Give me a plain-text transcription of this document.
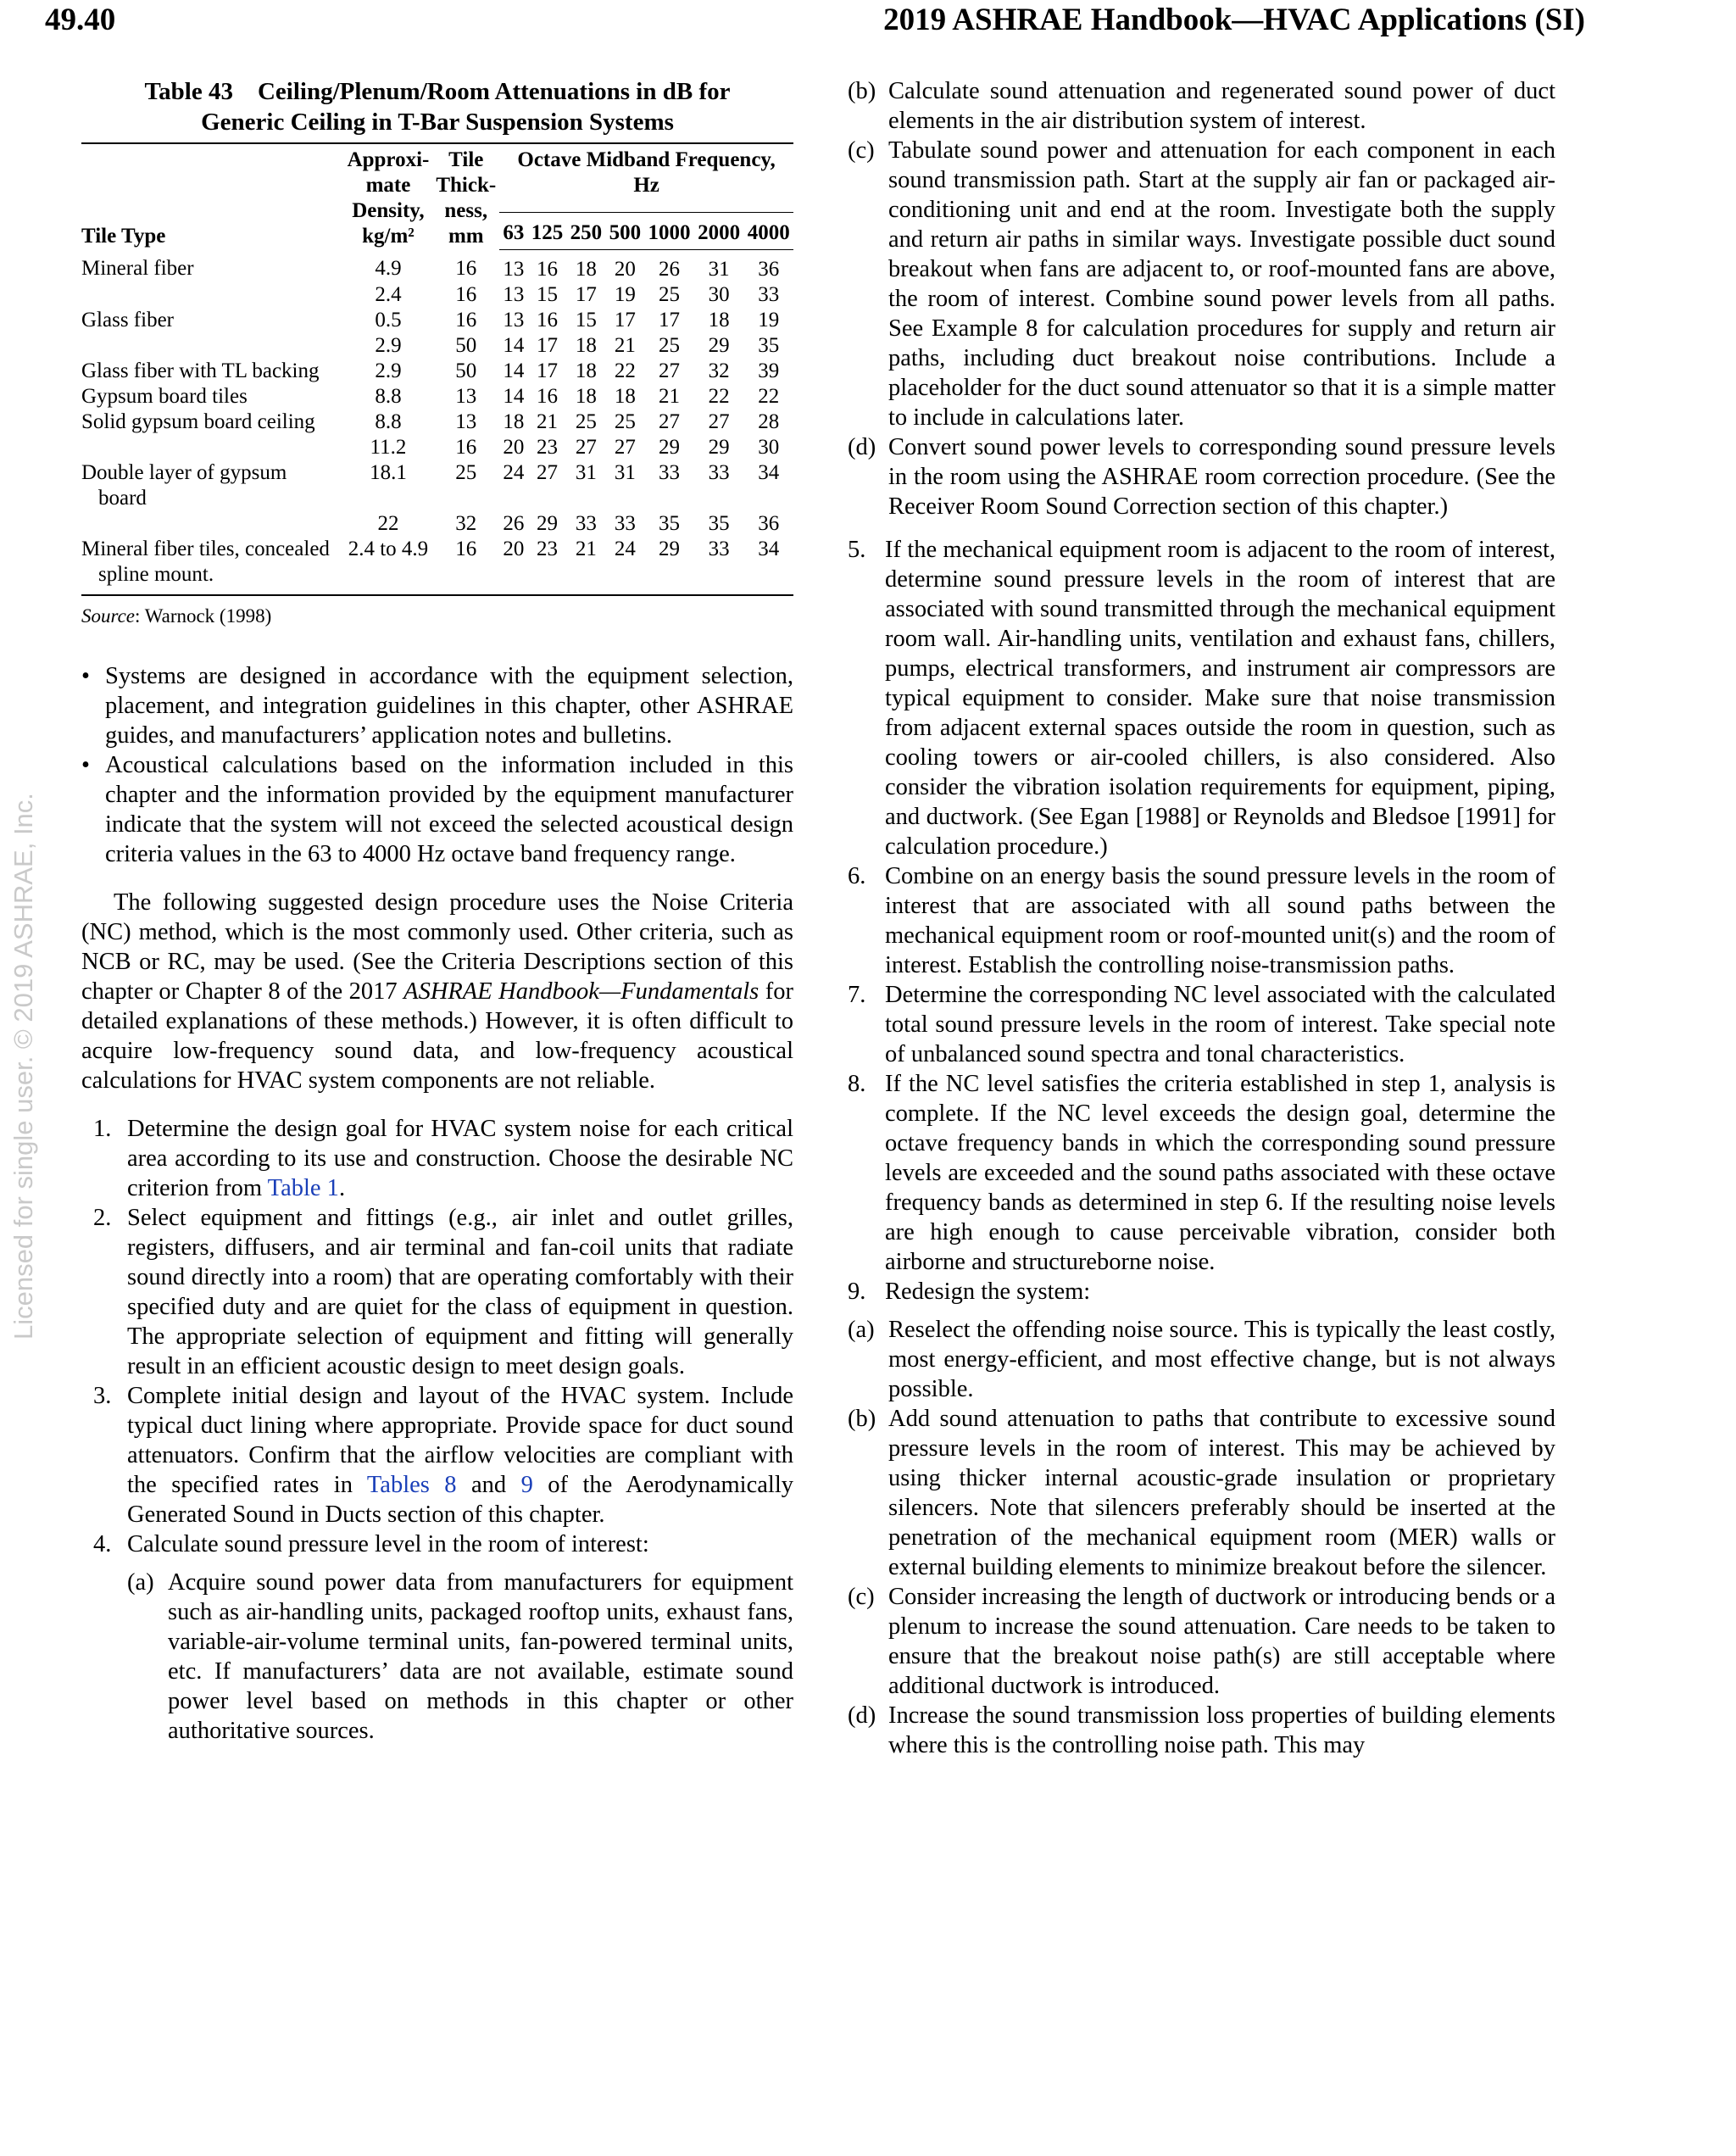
49.40	2019 ASHRAE Handbook—HVAC Applications (SI)
Licensed for single user. © 2019 ASHRAE, Inc.
Table 43    Ceiling/Plenum/Room Attenuations in dB for
Generic Ceiling in T-Bar Suspension Systems
Tile Type	Approxi-
mate
Density,
kg/m²	Tile
Thick-
ness,
mm	Octave Midband Frequency, Hz						
			63	125	250	500	1000	2000	4000

Mineral fiber	4.9	16	13	16	18	20	26	31	36

	2.4	16	13	15	17	19	25	30	33

Glass fiber	0.5	16	13	16	15	17	17	18	19

	2.9	50	14	17	18	21	25	29	35

Glass fiber with TL backing	2.9	50	14	17	18	22	27	32	39

Gypsum board tiles	8.8	13	14	16	18	18	21	22	22

Solid gypsum board ceiling	8.8	13	18	21	25	25	27	27	28

	11.2	16	20	23	27	27	29	29	30

Double layer of gypsum board	18.1	25	24	27	31	31	33	33	34

	22	32	26	29	33	33	35	35	36

Mineral fiber tiles, concealed spline mount.	2.4 to 4.9	16	20	23	21	24	29	33	34
Source: Warnock (1998)
• Systems are designed in accordance with the equipment selection, placement, and integration guidelines in this chapter, other ASHRAE guides, and manufacturers’ application notes and bulletins.
• Acoustical calculations based on the information included in this chapter and the information provided by the equipment manufacturer indicate that the system will not exceed the selected acoustical design criteria values in the 63 to 4000 Hz octave band frequency range.

The following suggested design procedure uses the Noise Criteria (NC) method, which is the most commonly used. Other criteria, such as NCB or RC, may be used. (See the Criteria Descriptions section of this chapter or Chapter 8 of the 2017 ASHRAE Handbook—Fundamentals for detailed explanations of these methods.) However, it is often difficult to acquire low-frequency sound data, and low-frequency acoustical calculations for HVAC system components are not reliable.

1. Determine the design goal for HVAC system noise for each critical area according to its use and construction. Choose the desirable NC criterion from Table 1.
2. Select equipment and fittings (e.g., air inlet and outlet grilles, registers, diffusers, and air terminal and fan-coil units that radiate sound directly into a room) that are operating comfortably with their specified duty and are quiet for the class of equipment in question. The appropriate selection of equipment and fitting will generally result in an efficient acoustic design to meet design goals.
3. Complete initial design and layout of the HVAC system. Include typical duct lining where appropriate. Provide space for duct sound attenuators. Confirm that the airflow velocities are compliant with the specified rates in Tables 8 and 9 of the Aerodynamically Generated Sound in Ducts section of this chapter.
4. Calculate sound pressure level in the room of interest:
(a) Acquire sound power data from manufacturers for equipment such as air-handling units, packaged rooftop units, exhaust fans, variable-air-volume terminal units, fan-powered terminal units, etc. If manufacturers’ data are not available, estimate sound power level based on methods in this chapter or other authoritative sources.
(b) Calculate sound attenuation and regenerated sound power of duct elements in the air distribution system of interest.
(c) Tabulate sound power and attenuation for each component in each sound transmission path. Start at the supply air fan or packaged air-conditioning unit and end at the room. Investigate both the supply and return air paths in similar ways. Investigate possible duct sound breakout when fans are adjacent to, or roof-mounted fans are above, the room of interest. Combine sound power levels from all paths. See Example 8 for calculation procedures for supply and return air paths, including duct breakout noise contributions. Include a placeholder for the duct sound attenuator so that it is a simple matter to include in calculations later.
(d) Convert sound power levels to corresponding sound pressure levels in the room using the ASHRAE room correction procedure. (See the Receiver Room Sound Correction section of this chapter.)
5. If the mechanical equipment room is adjacent to the room of interest, determine sound pressure levels in the room of interest that are associated with sound transmitted through the mechanical equipment room wall. Air-handling units, ventilation and exhaust fans, chillers, pumps, electrical transformers, and instrument air compressors are typical equipment to consider. Make sure that noise transmission from adjacent external spaces outside the room in question, such as cooling towers or air-cooled chillers, is also considered. Also consider the vibration isolation requirements for equipment, piping, and ductwork. (See Egan [1988] or Reynolds and Bledsoe [1991] for calculation procedure.)
6. Combine on an energy basis the sound pressure levels in the room of interest that are associated with all sound paths between the mechanical equipment room or roof-mounted unit(s) and the room of interest. Establish the controlling noise-transmission paths.
7. Determine the corresponding NC level associated with the calculated total sound pressure levels in the room of interest. Take special note of unbalanced sound spectra and tonal characteristics.
8. If the NC level satisfies the criteria established in step 1, analysis is complete. If the NC level exceeds the design goal, determine the octave frequency bands in which the corresponding sound pressure levels are exceeded and the sound paths associated with these octave frequency bands as determined in step 6. If the resulting noise levels are high enough to cause perceivable vibration, consider both airborne and structureborne noise.
9. Redesign the system:
(a) Reselect the offending noise source. This is typically the least costly, most energy-efficient, and most effective change, but is not always possible.
(b) Add sound attenuation to paths that contribute to excessive sound pressure levels in the room of interest. This may be achieved by using thicker internal acoustic-grade insulation or proprietary silencers. Note that silencers preferably should be inserted at the penetration of the mechanical equipment room (MER) walls or external building elements to minimize breakout before the silencer.
(c) Consider increasing the length of ductwork or introducing bends or a plenum to increase the sound attenuation. Care needs to be taken to ensure that the breakout noise path(s) are still acceptable where additional ductwork is introduced.
(d) Increase the sound transmission loss properties of building elements where this is the controlling noise path. This may
